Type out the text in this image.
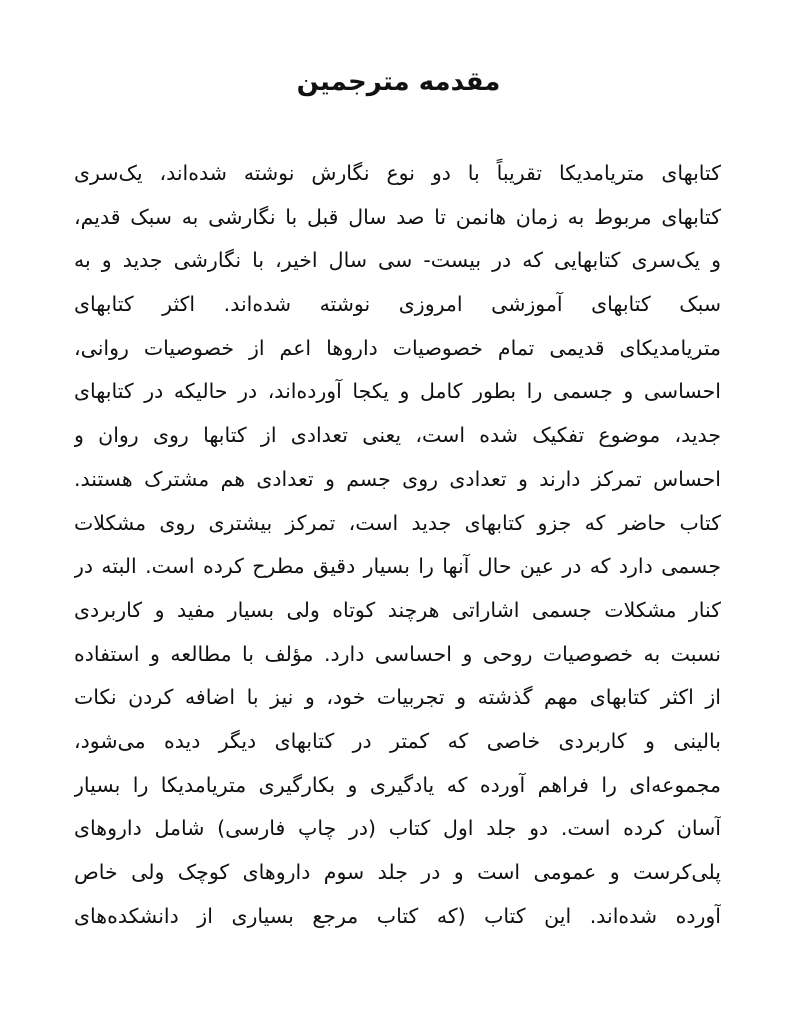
مقدمه مترجمین
کتابهای متریامدیکا تقریباً با دو نوع نگارش نوشته شده‌اند، یک‌سری
کتابهای مربوط به زمان هانمن تا صد سال قبل با نگارشی به سبک قدیم،
و یک‌سری کتابهایی که در بیست- سی سال اخیر، با نگارشی جدید و به
سبک کتابهای آموزشی امروزی نوشته شده‌اند. اکثر کتابهای
متریامدیکای قدیمی تمام خصوصیات داروها اعم از خصوصیات روانی،
احساسی و جسمی را بطور کامل و یکجا آورده‌اند، در حالیکه در کتابهای
جدید، موضوع تفکیک شده است، یعنی تعدادی از کتابها روی روان و
احساس تمرکز دارند و تعدادی روی جسم و تعدادی هم مشترک هستند.
کتاب حاضر که جزو کتابهای جدید است، تمرکز بیشتری روی مشکلات
جسمی دارد که در عین حال آنها را بسیار دقیق مطرح کرده است. البته در
کنار مشکلات جسمی اشاراتی هرچند کوتاه ولی بسیار مفید و کاربردی
نسبت به خصوصیات روحی و احساسی دارد. مؤلف با مطالعه و استفاده
از اکثر کتابهای مهم گذشته و تجربیات خود، و نیز با اضافه کردن نکات
بالینی و کاربردی خاصی که کمتر در کتابهای دیگر دیده می‌شود،
مجموعه‌ای را فراهم آورده که یادگیری و بکارگیری متریامدیکا را بسیار
آسان کرده است. دو جلد اول کتاب (در چاپ فارسی) شامل داروهای
پلی‌کرست و عمومی است و در جلد سوم داروهای کوچک ولی خاص
آورده شده‌اند. این کتاب (که کتاب مرجع بسیاری از دانشکده‌های
